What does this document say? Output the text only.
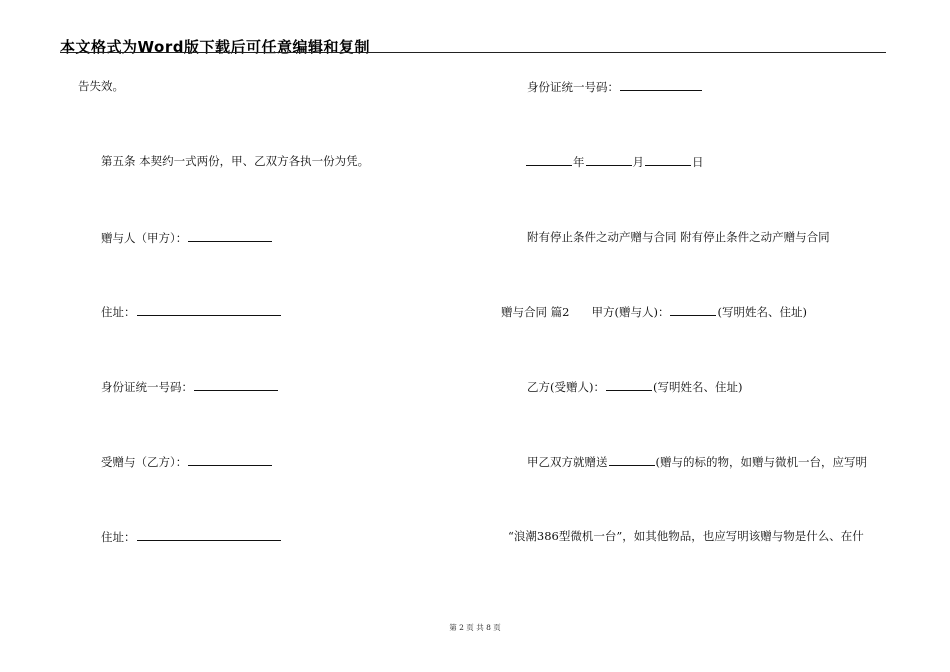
本文格式为Word版下载后可任意编辑和复制
告失效。
第五条 本契约一式两份，甲、乙双方各执一份为凭。
赠与人（甲方）：
住址：
身份证统一号码：
受赠与（乙方）：
住址：
身份证统一号码：
年	月	日
附有停止条件之动产赠与合同 附有停止条件之动产赠与合同
赠与合同 篇2 甲方(赠与人)：	(写明姓名、住址)
乙方(受赠人)：	(写明姓名、住址)
甲乙双方就赠送	(赠与的标的物，如赠与微机一台，应写明
“浪潮386型微机一台”，如其他物品，也应写明该赠与物是什么、在什
第 2 页 共 8 页
